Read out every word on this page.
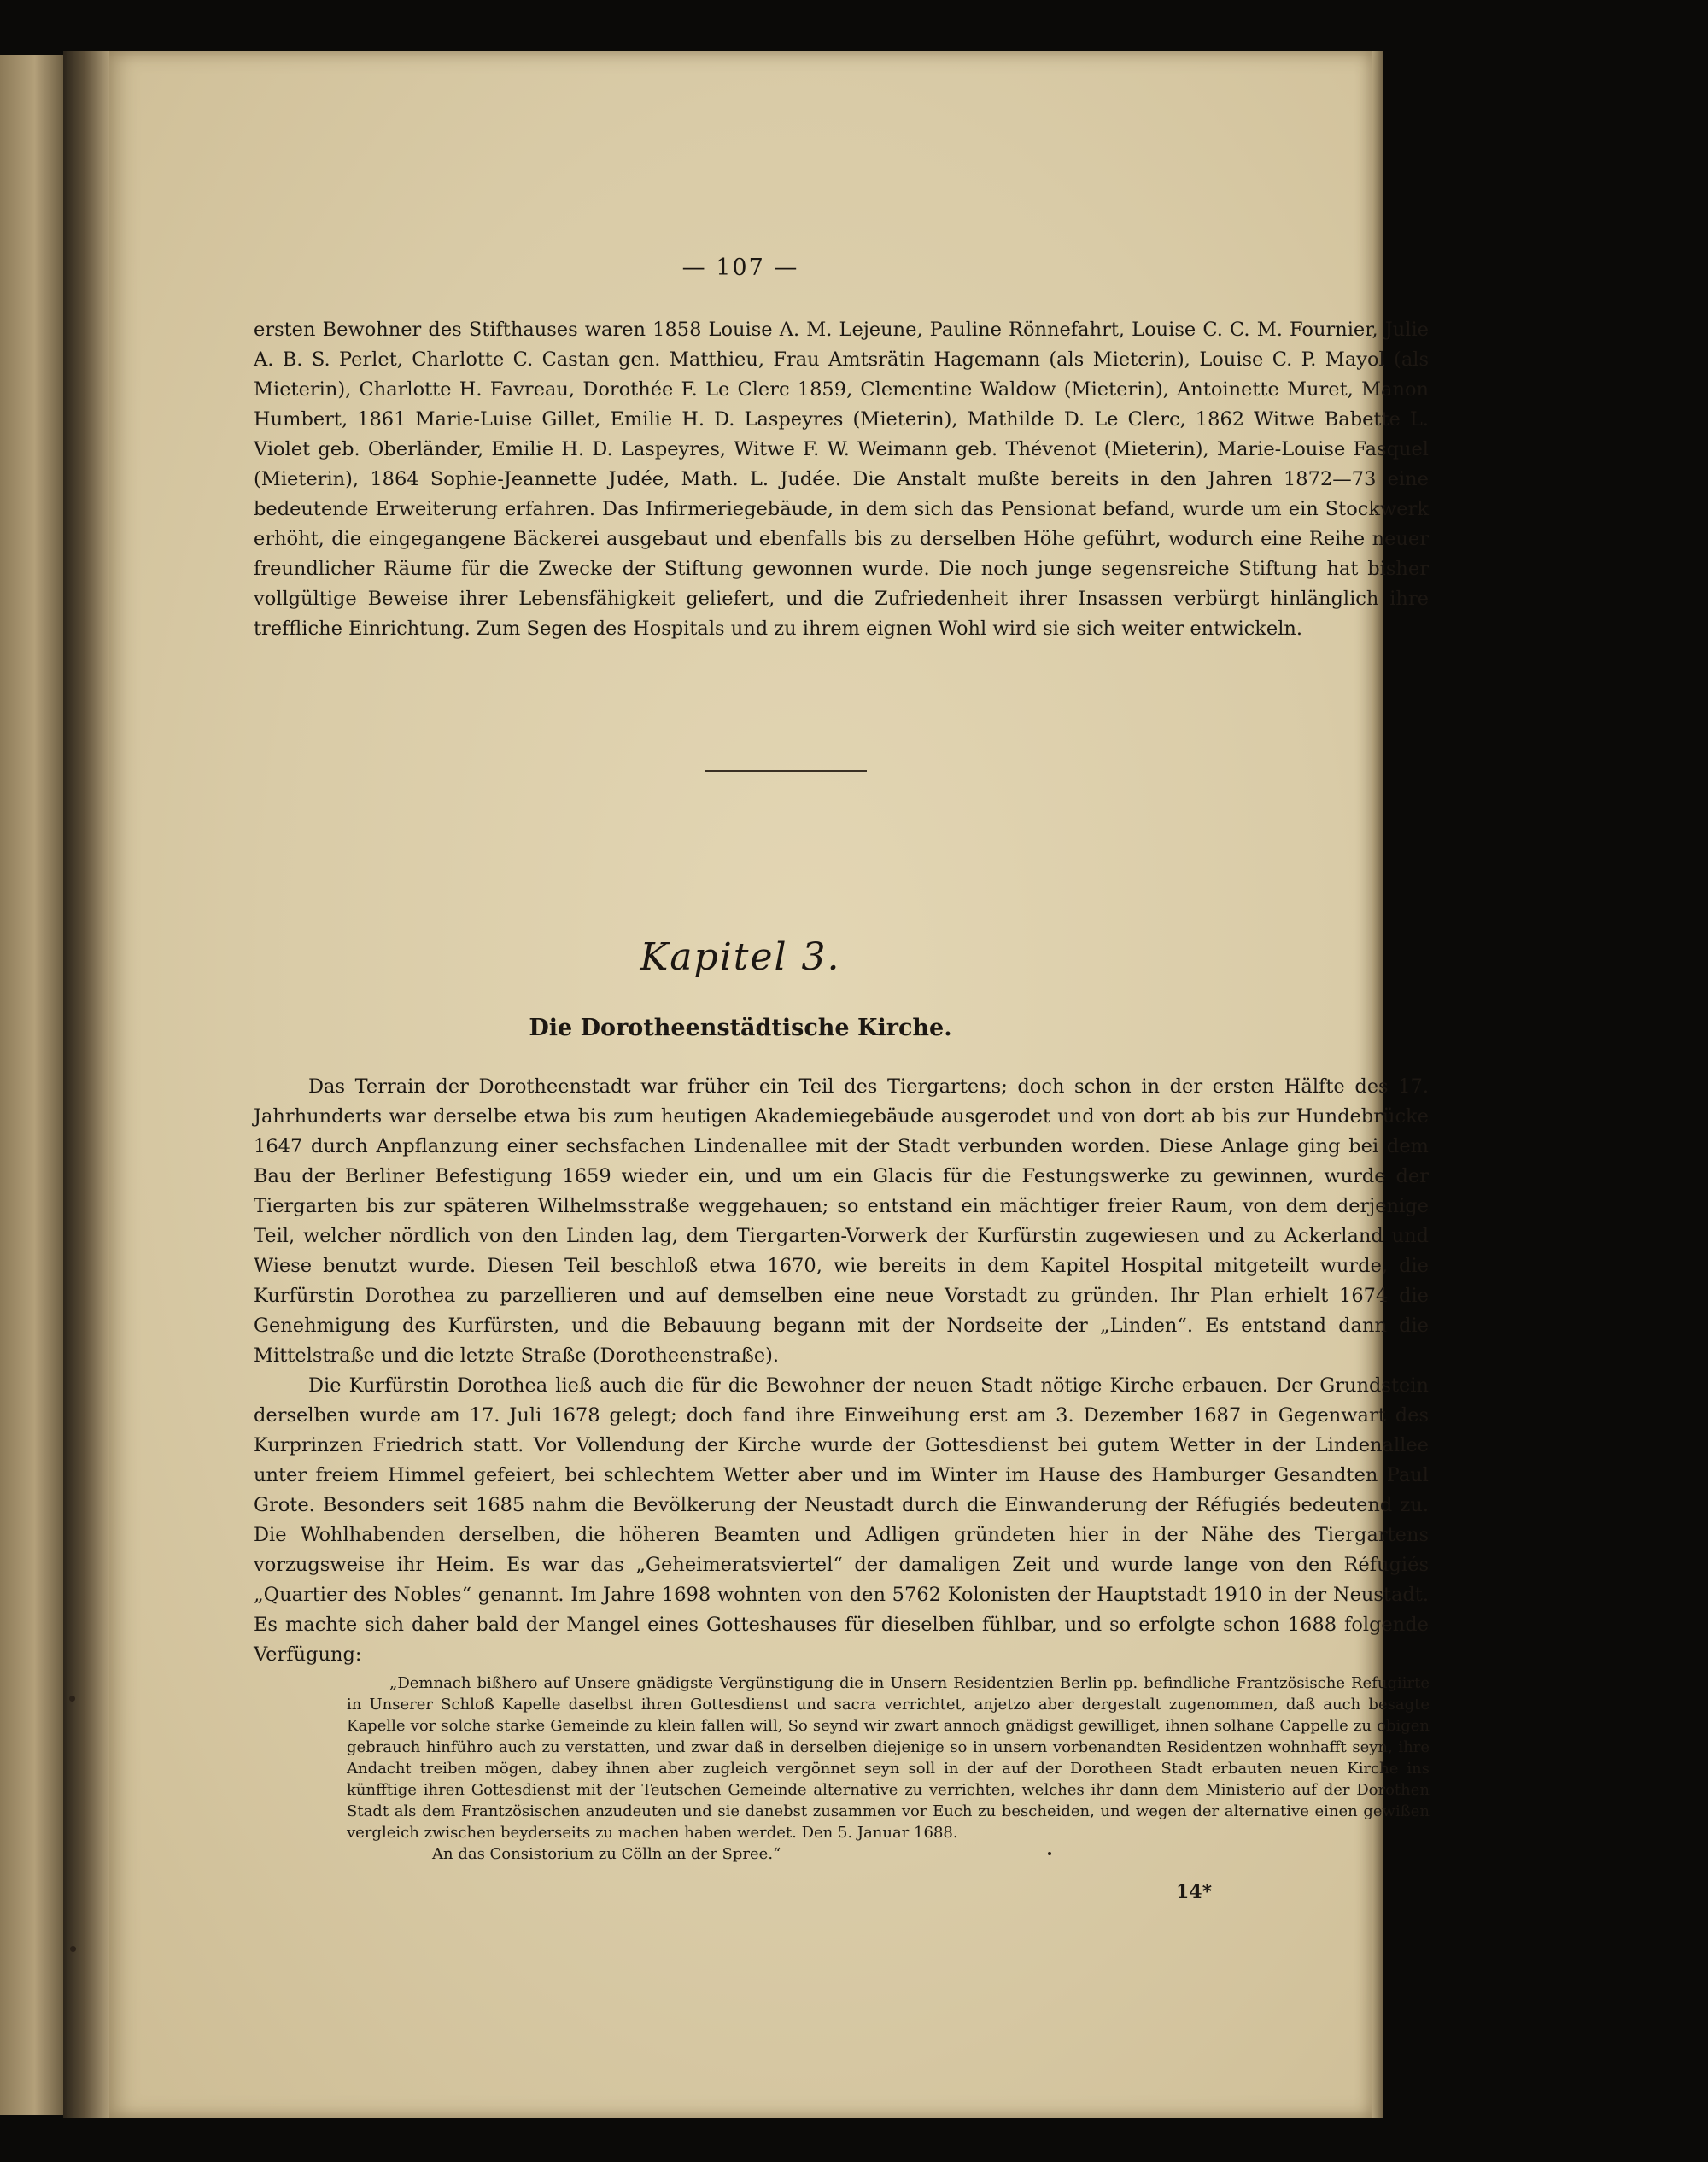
— 107 —

ersten Bewohner des Stifthauses waren 1858 Louise A. M. Lejeune, Pauline Rönnefahrt, Louise C. C. M. Fournier, Julie A. B. S. Perlet, Charlotte C. Castan gen. Matthieu, Frau Amtsrätin Hagemann (als Mieterin), Louise C. P. Mayol (als Mieterin), Charlotte H. Favreau, Dorothée F. Le Clerc 1859, Clementine Waldow (Mieterin), Antoinette Muret, Manon Humbert, 1861 Marie-Luise Gillet, Emilie H. D. Laspeyres (Mieterin), Mathilde D. Le Clerc, 1862 Witwe Babette L. Violet geb. Oberländer, Emilie H. D. Laspeyres, Witwe F. W. Weimann geb. Thévenot (Mieterin), Marie-Louise Fasquel (Mieterin), 1864 Sophie-Jeannette Judée, Math. L. Judée. Die Anstalt mußte bereits in den Jahren 1872—73 eine bedeutende Erweiterung erfahren. Das Infirmeriegebäude, in dem sich das Pensionat befand, wurde um ein Stockwerk erhöht, die eingegangene Bäckerei ausgebaut und ebenfalls bis zu derselben Höhe geführt, wodurch eine Reihe neuer freundlicher Räume für die Zwecke der Stiftung gewonnen wurde. Die noch junge segensreiche Stiftung hat bisher vollgültige Beweise ihrer Lebensfähigkeit geliefert, und die Zufriedenheit ihrer Insassen verbürgt hinlänglich ihre treffliche Einrichtung. Zum Segen des Hospitals und zu ihrem eignen Wohl wird sie sich weiter entwickeln.

Kapitel 3.
Die Dorotheenstädtische Kirche.

Das Terrain der Dorotheenstadt war früher ein Teil des Tiergartens; doch schon in der ersten Hälfte des 17. Jahrhunderts war derselbe etwa bis zum heutigen Akademiegebäude ausgerodet und von dort ab bis zur Hundebrücke 1647 durch Anpflanzung einer sechsfachen Lindenallee mit der Stadt verbunden worden. Diese Anlage ging bei dem Bau der Berliner Befestigung 1659 wieder ein, und um ein Glacis für die Festungswerke zu gewinnen, wurde der Tiergarten bis zur späteren Wilhelmsstraße weggehauen; so entstand ein mächtiger freier Raum, von dem derjenige Teil, welcher nördlich von den Linden lag, dem Tiergarten-Vorwerk der Kurfürstin zugewiesen und zu Ackerland und Wiese benutzt wurde. Diesen Teil beschloß etwa 1670, wie bereits in dem Kapitel Hospital mitgeteilt wurde, die Kurfürstin Dorothea zu parzellieren und auf demselben eine neue Vorstadt zu gründen. Ihr Plan erhielt 1674 die Genehmigung des Kurfürsten, und die Bebauung begann mit der Nordseite der „Linden“. Es entstand dann die Mittelstraße und die letzte Straße (Dorotheenstraße).

Die Kurfürstin Dorothea ließ auch die für die Bewohner der neuen Stadt nötige Kirche erbauen. Der Grundstein derselben wurde am 17. Juli 1678 gelegt; doch fand ihre Einweihung erst am 3. Dezember 1687 in Gegenwart des Kurprinzen Friedrich statt. Vor Vollendung der Kirche wurde der Gottesdienst bei gutem Wetter in der Lindenallee unter freiem Himmel gefeiert, bei schlechtem Wetter aber und im Winter im Hause des Hamburger Gesandten Paul Grote. Besonders seit 1685 nahm die Bevölkerung der Neustadt durch die Einwanderung der Réfugiés bedeutend zu. Die Wohlhabenden derselben, die höheren Beamten und Adligen gründeten hier in der Nähe des Tiergartens vorzugsweise ihr Heim. Es war das „Geheimeratsviertel“ der damaligen Zeit und wurde lange von den Réfugiés „Quartier des Nobles“ genannt. Im Jahre 1698 wohnten von den 5762 Kolonisten der Hauptstadt 1910 in der Neustadt. Es machte sich daher bald der Mangel eines Gotteshauses für dieselben fühlbar, und so erfolgte schon 1688 folgende Verfügung:

„Demnach bißhero auf Unsere gnädigste Vergünstigung die in Unsern Residentzien Berlin pp. befindliche Frantzösische Refugiirte in Unserer Schloß Kapelle daselbst ihren Gottesdienst und sacra verrichtet, anjetzo aber dergestalt zugenommen, daß auch besagte Kapelle vor solche starke Gemeinde zu klein fallen will, So seynd wir zwart annoch gnädigst gewilliget, ihnen solhane Cappelle zu obigen gebrauch hinführo auch zu verstatten, und zwar daß in derselben diejenige so in unsern vorbenandten Residentzen wohnhafft seyn, ihre Andacht treiben mögen, dabey ihnen aber zugleich vergönnet seyn soll in der auf der Dorotheen Stadt erbauten neuen Kirche ins künfftige ihren Gottesdienst mit der Teutschen Gemeinde alternative zu verrichten, welches ihr dann dem Ministerio auf der Dorothen Stadt als dem Frantzösischen anzudeuten und sie danebst zusammen vor Euch zu bescheiden, und wegen der alternative einen gewißen vergleich zwischen beyderseits zu machen haben werdet. Den 5. Januar 1688.

An das Consistorium zu Cölln an der Spree.“

14*
